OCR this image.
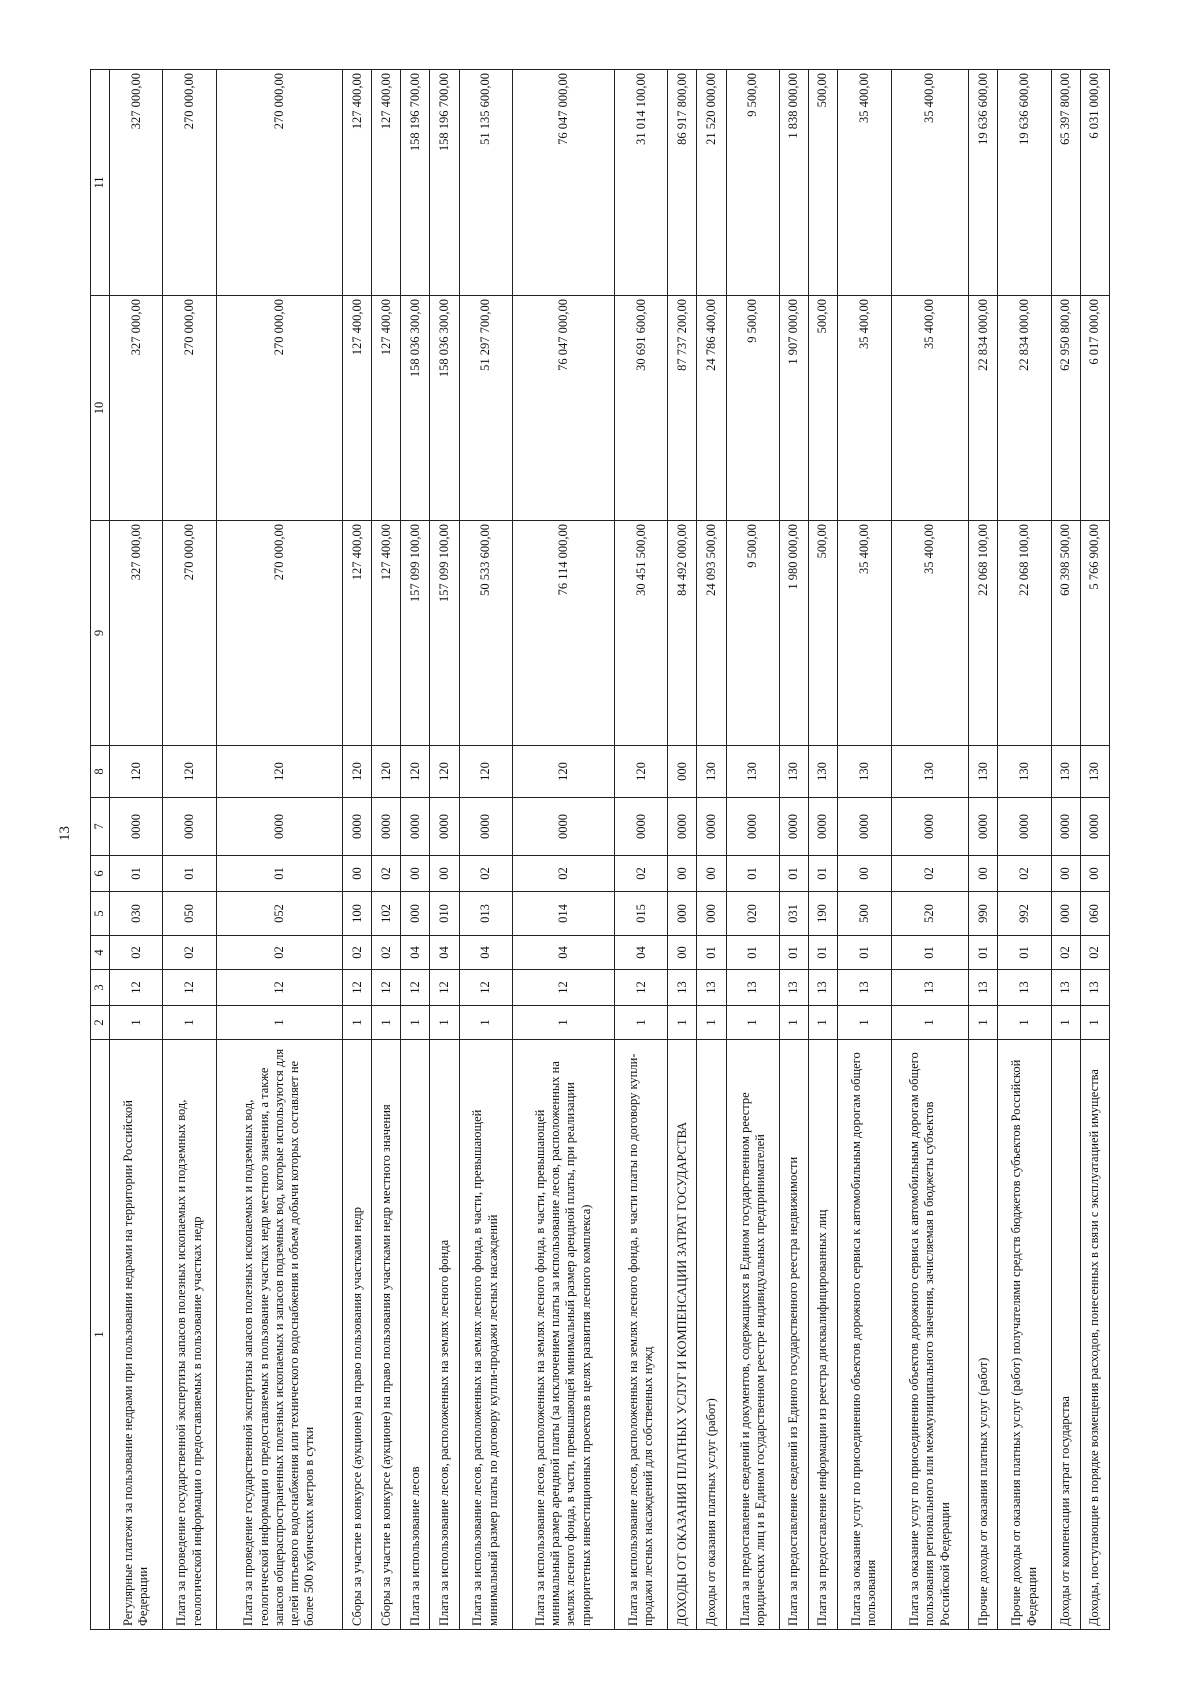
13
1	2	3	4	5	6	7	8	9	10	11
Регулярные платежи за пользование недрами при пользовании недрами на территории Российской Федерации	1	12	02	030	01	0000	120	327 000,00	327 000,00	327 000,00
Плата за проведение государственной экспертизы запасов полезных ископаемых и подземных вод, геологической информации о предоставляемых в пользование участках недр	1	12	02	050	01	0000	120	270 000,00	270 000,00	270 000,00
Плата за проведение государственной экспертизы запасов полезных ископаемых и подземных вод, геологической информации о предоставляемых в пользование участках недр местного значения, а также запасов общераспространенных полезных ископаемых и запасов подземных вод, которые используются для целей питьевого водоснабжения или технического водоснабжения и объем добычи которых составляет не более 500 кубических метров в сутки	1	12	02	052	01	0000	120	270 000,00	270 000,00	270 000,00
Сборы за участие в конкурсе (аукционе) на право пользования участками недр	1	12	02	100	00	0000	120	127 400,00	127 400,00	127 400,00
Сборы за участие в конкурсе (аукционе) на право пользования участками недр местного значения	1	12	02	102	02	0000	120	127 400,00	127 400,00	127 400,00
Плата за использование лесов	1	12	04	000	00	0000	120	157 099 100,00	158 036 300,00	158 196 700,00
Плата за использование лесов, расположенных на землях лесного фонда	1	12	04	010	00	0000	120	157 099 100,00	158 036 300,00	158 196 700,00
Плата за использование лесов, расположенных на землях лесного фонда, в части, превышающей минимальный размер платы по договору купли-продажи лесных насаждений	1	12	04	013	02	0000	120	50 533 600,00	51 297 700,00	51 135 600,00
Плата за использование лесов, расположенных на землях лесного фонда, в части, превышающей минимальный размер арендной платы (за исключением платы за использование лесов, расположенных на землях лесного фонда, в части, превышающей минимальный размер арендной платы, при реализации приоритетных инвестиционных проектов в целях развития лесного комплекса)	1	12	04	014	02	0000	120	76 114 000,00	76 047 000,00	76 047 000,00
Плата за использование лесов, расположенных на землях лесного фонда, в части платы по договору купли-продажи лесных насаждений для собственных нужд	1	12	04	015	02	0000	120	30 451 500,00	30 691 600,00	31 014 100,00
ДОХОДЫ ОТ ОКАЗАНИЯ ПЛАТНЫХ УСЛУГ И КОМПЕНСАЦИИ ЗАТРАТ ГОСУДАРСТВА	1	13	00	000	00	0000	000	84 492 000,00	87 737 200,00	86 917 800,00
Доходы от оказания платных услуг (работ)	1	13	01	000	00	0000	130	24 093 500,00	24 786 400,00	21 520 000,00
Плата за предоставление сведений и документов, содержащихся в Едином государственном реестре юридических лиц и в Едином государственном реестре индивидуальных предпринимателей	1	13	01	020	01	0000	130	9 500,00	9 500,00	9 500,00
Плата за предоставление сведений из Единого государственного реестра недвижимости	1	13	01	031	01	0000	130	1 980 000,00	1 907 000,00	1 838 000,00
Плата за предоставление информации из реестра дисквалифицированных лиц	1	13	01	190	01	0000	130	500,00	500,00	500,00
Плата за оказание услуг по присоединению объектов дорожного сервиса к автомобильным дорогам общего пользования	1	13	01	500	00	0000	130	35 400,00	35 400,00	35 400,00
Плата за оказание услуг по присоединению объектов дорожного сервиса к автомобильным дорогам общего пользования регионального или межмуниципального значения, зачисляемая в бюджеты субъектов Российской Федерации	1	13	01	520	02	0000	130	35 400,00	35 400,00	35 400,00
Прочие доходы от оказания платных услуг (работ)	1	13	01	990	00	0000	130	22 068 100,00	22 834 000,00	19 636 600,00
Прочие доходы от оказания платных услуг (работ) получателями средств бюджетов субъектов Российской Федерации	1	13	01	992	02	0000	130	22 068 100,00	22 834 000,00	19 636 600,00
Доходы от компенсации затрат государства	1	13	02	000	00	0000	130	60 398 500,00	62 950 800,00	65 397 800,00
Доходы, поступающие в порядке возмещения расходов, понесенных в связи с эксплуатацией имущества	1	13	02	060	00	0000	130	5 766 900,00	6 017 000,00	6 031 000,00
